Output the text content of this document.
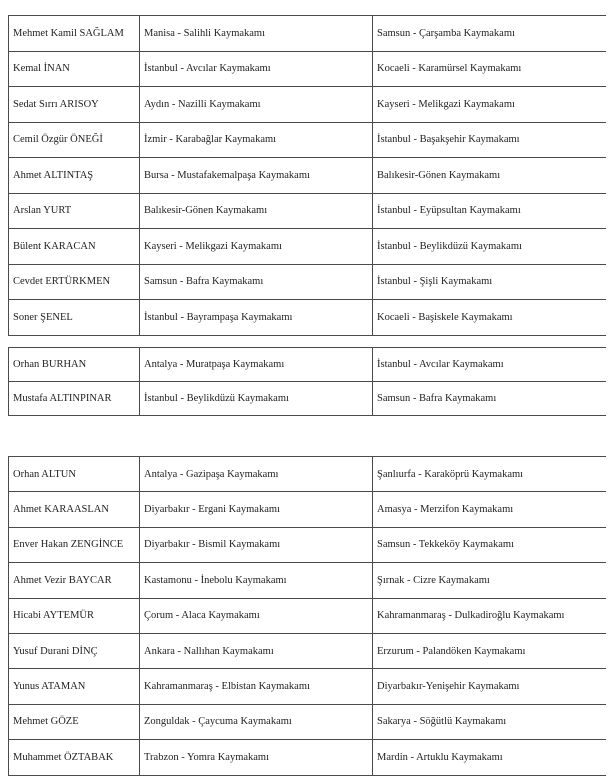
Mehmet Kamil SAĞLAM	Manisa - Salihli Kaymakamı	Samsun - Çarşamba Kaymakamı
Kemal İNAN	İstanbul - Avcılar Kaymakamı	Kocaeli - Karamürsel Kaymakamı
Sedat Sırrı ARISOY	Aydın - Nazilli Kaymakamı	Kayseri - Melikgazi Kaymakamı
Cemil Özgür ÖNEĞİ	İzmir - Karabağlar Kaymakamı	İstanbul - Başakşehir Kaymakamı
Ahmet ALTINTAŞ	Bursa - Mustafakemalpaşa Kaymakamı	Balıkesir-Gönen Kaymakamı
Arslan YURT	Balıkesir-Gönen Kaymakamı	İstanbul - Eyüpsultan Kaymakamı
Bülent KARACAN	Kayseri - Melikgazi Kaymakamı	İstanbul - Beylikdüzü Kaymakamı
Cevdet ERTÜRKMEN	Samsun - Bafra Kaymakamı	İstanbul - Şişli Kaymakamı
Soner ŞENEL	İstanbul - Bayrampaşa Kaymakamı	Kocaeli - Başiskele Kaymakamı
Orhan BURHAN	Antalya - Muratpaşa Kaymakamı	İstanbul - Avcılar Kaymakamı
Mustafa ALTINPINAR	İstanbul - Beylikdüzü Kaymakamı	Samsun - Bafra Kaymakamı
Orhan ALTUN	Antalya - Gazipaşa Kaymakamı	Şanlıurfa - Karaköprü Kaymakamı
Ahmet KARAASLAN	Diyarbakır - Ergani Kaymakamı	Amasya - Merzifon Kaymakamı
Enver Hakan ZENGİNCE	Diyarbakır - Bismil Kaymakamı	Samsun - Tekkeköy Kaymakamı
Ahmet Vezir BAYCAR	Kastamonu - İnebolu Kaymakamı	Şırnak - Cizre Kaymakamı
Hicabi AYTEMÜR	Çorum - Alaca Kaymakamı	Kahramanmaraş - Dulkadiroğlu Kaymakamı
Yusuf Durani DİNÇ	Ankara - Nallıhan Kaymakamı	Erzurum - Palandöken Kaymakamı
Yunus ATAMAN	Kahramanmaraş - Elbistan Kaymakamı	Diyarbakır-Yenişehir Kaymakamı
Mehmet GÖZE	Zonguldak - Çaycuma Kaymakamı	Sakarya - Söğütlü Kaymakamı
Muhammet ÖZTABAK	Trabzon - Yomra Kaymakamı	Mardin - Artuklu Kaymakamı
